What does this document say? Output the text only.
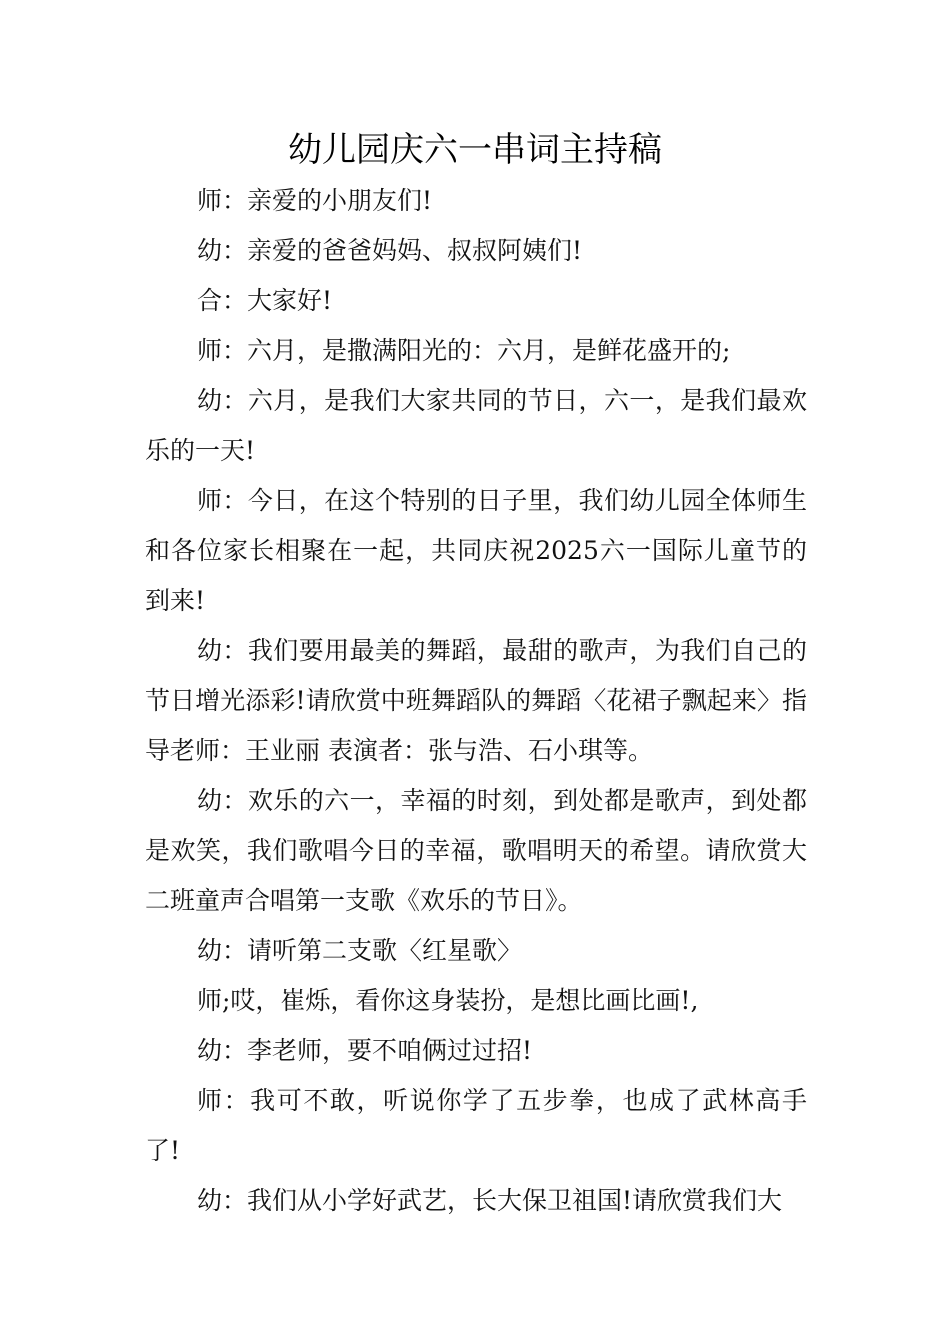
幼儿园庆六一串词主持稿

师：亲爱的小朋友们!

幼：亲爱的爸爸妈妈、叔叔阿姨们!

合：大家好!

师：六月，是撒满阳光的：六月，是鲜花盛开的;

幼：六月，是我们大家共同的节日，六一，是我们最欢乐的一天!

师：今日，在这个特别的日子里，我们幼儿园全体师生和各位家长相聚在一起，共同庆祝2025六一国际儿童节的到来!

幼：我们要用最美的舞蹈，最甜的歌声，为我们自己的节日增光添彩!请欣赏中班舞蹈队的舞蹈〈花裙子飘起来〉指导老师：王业丽 表演者：张与浩、石小琪等。

幼：欢乐的六一，幸福的时刻，到处都是歌声，到处都是欢笑，我们歌唱今日的幸福，歌唱明天的希望。请欣赏大二班童声合唱第一支歌《欢乐的节日》。

幼：请听第二支歌〈红星歌〉

师;哎，崔烁，看你这身装扮，是想比画比画!,

幼：李老师，要不咱俩过过招!

师：我可不敢，听说你学了五步拳，也成了武林高手了!

幼：我们从小学好武艺，长大保卫祖国!请欣赏我们大
